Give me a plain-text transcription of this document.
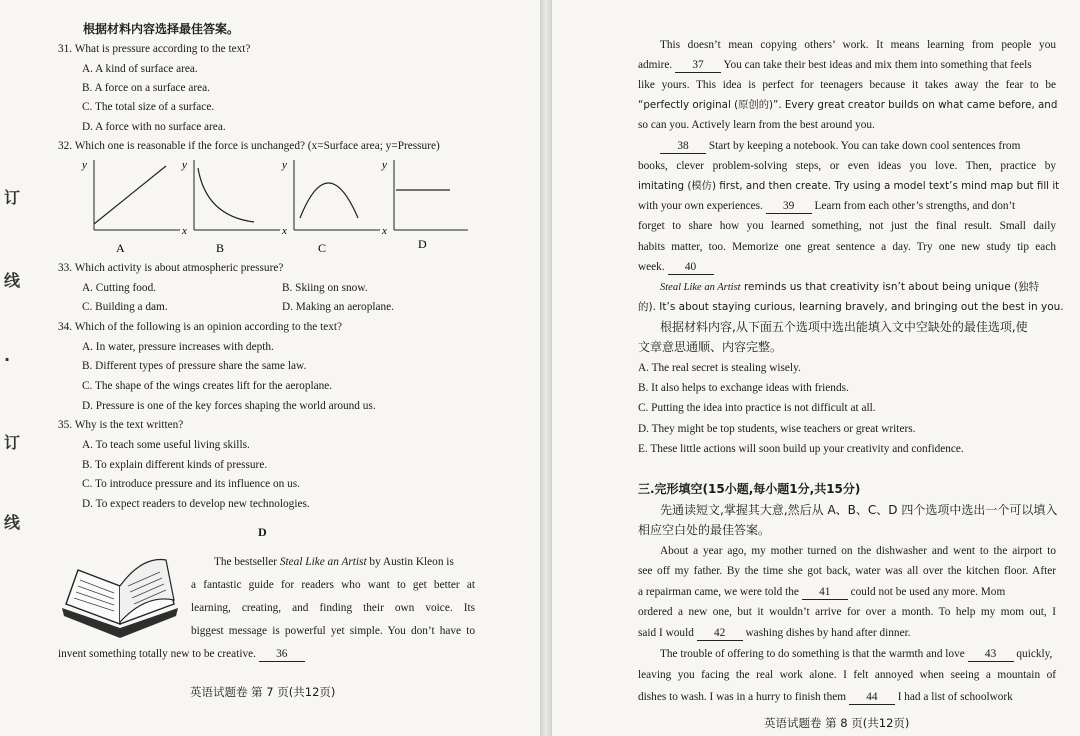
订
线
·
订
线
根据材料内容选择最佳答案。
31. What is pressure according to the text?
A. A kind of surface area.
B. A force on a surface area.
C. The total size of a surface.
D. A force with no surface area.
32. Which one is reasonable if the force is unchanged? (x=Surface area; y=Pressure)
y
x
A
y
x
B
y
x
C
y
D
33. Which activity is about atmospheric pressure?
A. Cutting food.	B. Skiing on snow.
C. Building a dam.	D. Making an aeroplane.
34. Which of the following is an opinion according to the text?
A. In water, pressure increases with depth.
B. Different types of pressure share the same law.
C. The shape of the wings creates lift for the aeroplane.
D. Pressure is one of the key forces shaping the world around us.
35. Why is the text written?
A. To teach some useful living skills.
B. To explain different kinds of pressure.
C. To introduce pressure and its influence on us.
D. To expect readers to develop new technologies.
D
The bestseller Steal Like an Artist by Austin Kleon is
a fantastic guide for readers who want to get better at
learning, creating, and finding their own voice. Its
biggest message is powerful yet simple. You don’t have to
invent something totally new to be creative. 36
英语试题卷 第 7 页(共12页)
This doesn’t mean copying others’ work. It means learning from people you
admire. 37 You can take their best ideas and mix them into something that feels
like yours. This idea is perfect for teenagers because it takes away the fear to be
“perfectly original (原创的)”. Every great creator builds on what came before, and
so can you. Actively learn from the best around you.
38 Start by keeping a notebook. You can take down cool sentences from
books, clever problem-solving steps, or even ideas you love. Then, practice by
imitating (模仿) first, and then create. Try using a model text’s mind map but fill it
with your own experiences. 39 Learn from each other’s strengths, and don’t
forget to share how you learned something, not just the final result. Small daily
habits matter, too. Memorize one great sentence a day. Try one new study tip each
week. 40
Steal Like an Artist reminds us that creativity isn’t about being unique (独特
的). It’s about staying curious, learning bravely, and bringing out the best in you.
根据材料内容,从下面五个选项中选出能填入文中空缺处的最佳选项,使
文章意思通顺、内容完整。
A. The real secret is stealing wisely.
B. It also helps to exchange ideas with friends.
C. Putting the idea into practice is not difficult at all.
D. They might be top students, wise teachers or great writers.
E. These little actions will soon build up your creativity and confidence.
三.完形填空(15小题,每小题1分,共15分)
先通读短文,掌握其大意,然后从 A、B、C、D 四个选项中选出一个可以填入
相应空白处的最佳答案。
About a year ago, my mother turned on the dishwasher and went to the airport to
see off my father. By the time she got back, water was all over the kitchen floor. After
a repairman came, we were told the 41 could not be used any more. Mom
ordered a new one, but it wouldn’t arrive for over a month. To help my mom out, I
said I would 42 washing dishes by hand after dinner.
The trouble of offering to do something is that the warmth and love 43 quickly,
leaving you facing the real work alone. I felt annoyed when seeing a mountain of
dishes to wash. I was in a hurry to finish them 44 I had a list of schoolwork
英语试题卷 第 8 页(共12页)
